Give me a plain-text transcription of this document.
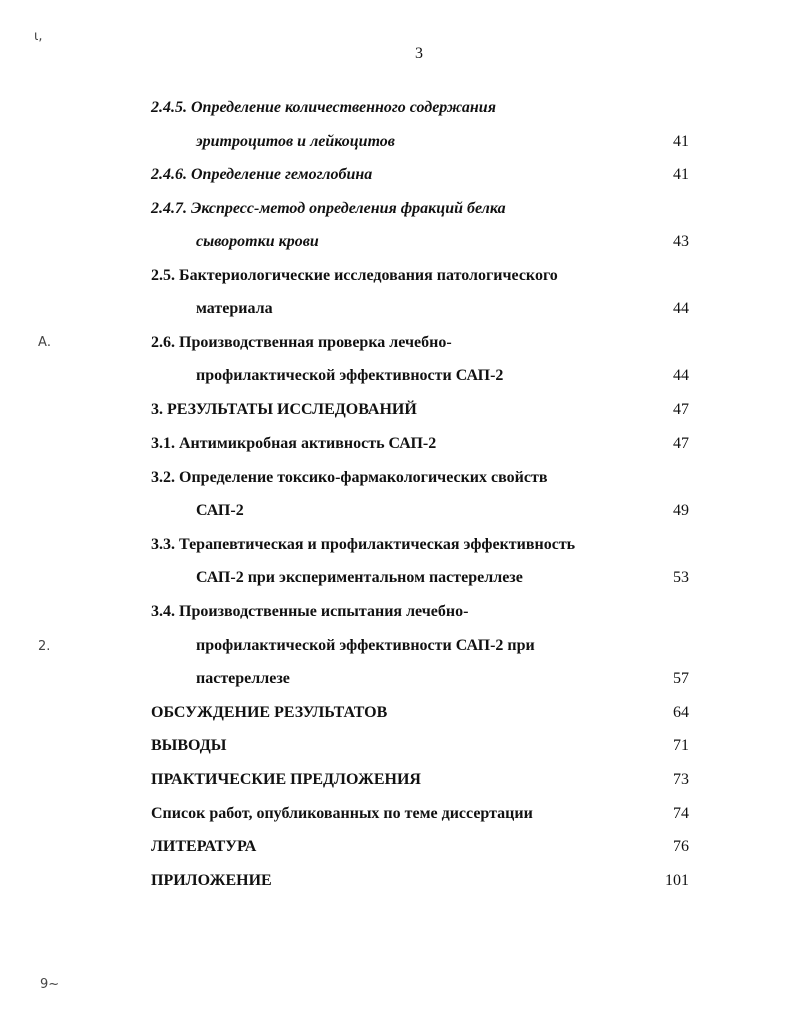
3
ι,
Α.
2.
9~
2.4.5. Определение количественного содержания
эритроцитов и лейкоцитов	41
2.4.6. Определение гемоглобина	41
2.4.7. Экспресс-метод определения фракций белка
сыворотки крови	43
2.5. Бактериологические исследования патологического
материала	44
2.6. Производственная проверка лечебно-
профилактической эффективности САП-2	44
3. РЕЗУЛЬТАТЫ ИССЛЕДОВАНИЙ	47
3.1. Антимикробная активность САП-2	47
3.2. Определение токсико-фармакологических свойств
САП-2	49
3.3. Терапевтическая и профилактическая эффективность
САП-2 при экспериментальном пастереллезе	53
3.4. Производственные испытания лечебно-
профилактической эффективности САП-2 при
пастереллезе	57
ОБСУЖДЕНИЕ РЕЗУЛЬТАТОВ	64
ВЫВОДЫ	71
ПРАКТИЧЕСКИЕ ПРЕДЛОЖЕНИЯ	73
Список работ, опубликованных по теме диссертации	74
ЛИТЕРАТУРА	76
ПРИЛОЖЕНИЕ	101
